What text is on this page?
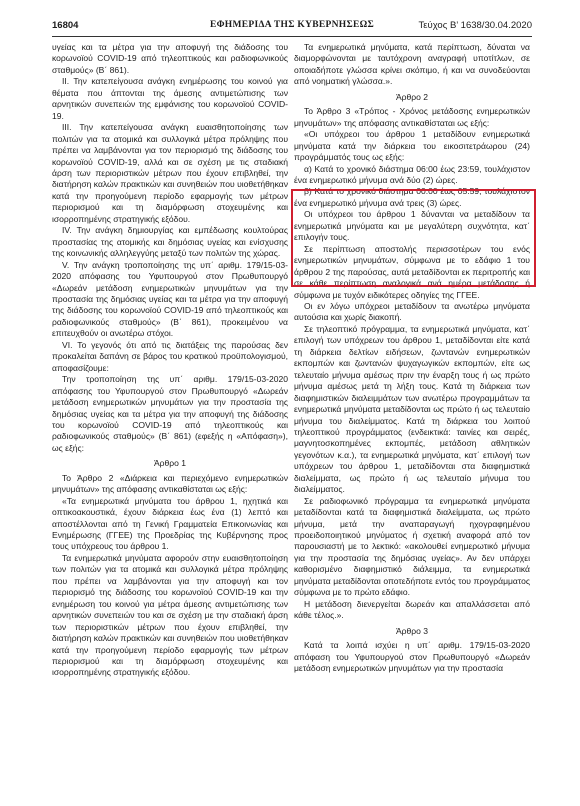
16804	ΕΦΗΜΕΡΙΔΑ ΤΗΣ ΚΥΒΕΡΝΗΣΕΩΣ	Τεύχος Β’ 1638/30.04.2020

υγείας και τα μέτρα για την αποφυγή της διάδοσης του κορωνοϊού COVID-19 από τηλεοπτικούς και ραδιοφωνικούς σταθμούς» (Β΄ 861).

ΙΙ. Την κατεπείγουσα ανάγκη ενημέρωσης του κοινού για θέματα που άπτονται της άμεσης αντιμετώπισης των αρνητικών συνεπειών της εμφάνισης του κορωνοϊού COVID-19.

ΙΙΙ. Την κατεπείγουσα ανάγκη ευαισθητοποίησης των πολιτών για τα ατομικά και συλλογικά μέτρα πρόληψης που πρέπει να λαμβάνονται για τον περιορισμό της διάδοσης του κορωνοϊού COVID-19, αλλά και σε σχέση με τις σταδιακή άρση των περιοριστικών μέτρων που έχουν επιβληθεί, την διατήρηση καλών πρακτικών και συνηθειών που υιοθετήθηκαν κατά την προηγούμενη περίοδο εφαρμογής των μέτρων περιορισμού και τη διαμόρφωση στοχευμένης και ισορροπημένης στρατηγικής εξόδου.

IV. Την ανάγκη δημιουργίας και εμπέδωσης κουλτούρας προστασίας της ατομικής και δημόσιας υγείας και ενίσχυσης της κοινωνικής αλληλεγγύης μεταξύ των πολιτών της χώρας.

V. Την ανάγκη τροποποίησης της υπ΄ αριθμ. 179/15-03-2020 απόφασης του Υφυπουργού στον Πρωθυπουργό «Δωρεάν μετάδοση ενημερωτικών μηνυμάτων για την προστασία της δημόσιας υγείας και τα μέτρα για την αποφυγή της διάδοσης του κορωνοϊού COVID-19 από τηλεοπτικούς και ραδιοφωνικούς σταθμούς» (Β΄ 861), προκειμένου να επιτευχθούν οι ανωτέρω στόχοι.

VI. Το γεγονός ότι από τις διατάξεις της παρούσας δεν προκαλείται δαπάνη σε βάρος του κρατικού προϋπολογισμού, αποφασίζουμε:

Την τροποποίηση της υπ΄ αριθμ. 179/15-03-2020 απόφασης του Υφυπουργού στον Πρωθυπουργό «Δωρεάν μετάδοση ενημερωτικών μηνυμάτων για την προστασία της δημόσιας υγείας και τα μέτρα για την αποφυγή της διάδοσης του κορωνοϊού COVID-19 από τηλεοπτικούς και ραδιοφωνικούς σταθμούς» (Β΄ 861) (εφεξής η «Απόφαση»), ως εξής:

Άρθρο 1

Το Άρθρο 2 «Διάρκεια και περιεχόμενο ενημερωτικών μηνυμάτων» της απόφασης αντικαθίσταται ως εξής:

«Τα ενημερωτικά μηνύματα του άρθρου 1, ηχητικά και οπτικοακουστικά, έχουν διάρκεια έως ένα (1) λεπτό και αποστέλλονται από τη Γενική Γραμματεία Επικοινωνίας και Ενημέρωσης (ΓΓΕΕ) της Προεδρίας της Κυβέρνησης προς τους υπόχρεους του άρθρου 1.

Τα ενημερωτικά μηνύματα αφορούν στην ευαισθητοποίηση των πολιτών για τα ατομικά και συλλογικά μέτρα πρόληψης που πρέπει να λαμβάνονται για την αποφυγή και τον περιορισμό της διάδοσης του κορωνοϊού COVID-19 και την ενημέρωση του κοινού για μέτρα άμεσης αντιμετώπισης των αρνητικών συνεπειών του και σε σχέση με την σταδιακή άρση των περιοριστικών μέτρων που έχουν επιβληθεί, την διατήρηση καλών πρακτικών και συνηθειών που υιοθετήθηκαν κατά την προηγούμενη περίοδο εφαρμογής των μέτρων περιορισμού και τη διαμόρφωση στοχευμένης και ισορροπημένης στρατηγικής εξόδου.

Τα ενημερωτικά μηνύματα, κατά περίπτωση, δύναται να διαμορφώνονται με ταυτόχρονη αναγραφή υποτίτλων, σε οποιαδήποτε γλώσσα κρίνει σκόπιμο, ή και να συνοδεύονται από νοηματική γλώσσα.».

Άρθρο 2

Το Άρθρο 3 «Τρόπος - Χρόνος μετάδοσης ενημερωτικών μηνυμάτων» της απόφασης αντικαθίσταται ως εξής:

«Οι υπόχρεοι του άρθρου 1 μεταδίδουν ενημερωτικά μηνύματα κατά την διάρκεια του εικοσιτετράωρου (24) προγράμματός τους ως εξής:

α) Κατά το χρονικό διάστημα 06:00 έως 23:59, τουλάχιστον ένα ενημερωτικό μήνυμα ανά δύο (2) ώρες.

β) Κατά το χρονικό διάστημα 00:00 έως 05:59, τουλάχιστον ένα ενημερωτικό μήνυμα ανά τρεις (3) ώρες.

Οι υπόχρεοι του άρθρου 1 δύνανται να μεταδίδουν τα ενημερωτικά μηνύματα και με μεγαλύτερη συχνότητα, κατ΄ επιλογήν τους.

Σε περίπτωση αποστολής περισσοτέρων του ενός ενημερωτικών μηνυμάτων, σύμφωνα με το εδάφιο 1 του άρθρου 2 της παρούσας, αυτά μεταδίδονται εκ περιτροπής και σε κάθε περίπτωση αναλογικά ανά ημέρα μετάδοσης ή σύμφωνα με τυχόν ειδικότερες οδηγίες της ΓΓΕΕ.

Οι εν λόγω υπόχρεοι μεταδίδουν τα ανωτέρω μηνύματα αυτούσια και χωρίς διακοπή.

Σε τηλεοπτικό πρόγραμμα, τα ενημερωτικά μηνύματα, κατ΄ επιλογή των υπόχρεων του άρθρου 1, μεταδίδονται είτε κατά τη διάρκεια δελτίων ειδήσεων, ζωντανών ενημερωτικών εκπομπών και ζωντανών ψυχαγωγικών εκπομπών, είτε ως τελευταίο μήνυμα αμέσως πριν την έναρξη τους ή ως πρώτο μήνυμα αμέσως μετά τη λήξη τους. Κατά τη διάρκεια των διαφημιστικών διαλειμμάτων των ανωτέρω προγραμμάτων τα ενημερωτικά μηνύματα μεταδίδονται ως πρώτο ή ως τελευταίο μήνυμα του διαλείμματος. Κατά τη διάρκεια του λοιπού τηλεοπτικού προγράμματος (ενδεικτικά: ταινίες και σειρές, μαγνητοσκοπημένες εκπομπές, μετάδοση αθλητικών γεγονότων κ.α.), τα ενημερωτικά μηνύματα, κατ΄ επιλογή των υπόχρεων του άρθρου 1, μεταδίδονται στα διαφημιστικά διαλείμματα, ως πρώτο ή ως τελευταίο μήνυμα του διαλείμματος.

Σε ραδιοφωνικό πρόγραμμα τα ενημερωτικά μηνύματα μεταδίδονται κατά τα διαφημιστικά διαλείμματα, ως πρώτο μήνυμα, μετά την αναπαραγωγή ηχογραφημένου προειδοποιητικού μηνύματος ή σχετική αναφορά από τον παρουσιαστή με το λεκτικό: «ακολουθεί ενημερωτικό μήνυμα για την προστασία της δημόσιας υγείας». Αν δεν υπάρχει καθορισμένο διαφημιστικό διάλειμμα, τα ενημερωτικά μηνύματα μεταδίδονται οποτεδήποτε εντός του προγράμματος σύμφωνα με το πρώτο εδάφιο.

Η μετάδοση διενεργείται δωρεάν και απαλλάσσεται από κάθε τέλος.».

Άρθρο 3

Κατά τα λοιπά ισχύει η υπ΄ αριθμ. 179/15-03-2020 απόφαση του Υφυπουργού στον Πρωθυπουργό «Δωρεάν μετάδοση ενημερωτικών μηνυμάτων για την προστασία
